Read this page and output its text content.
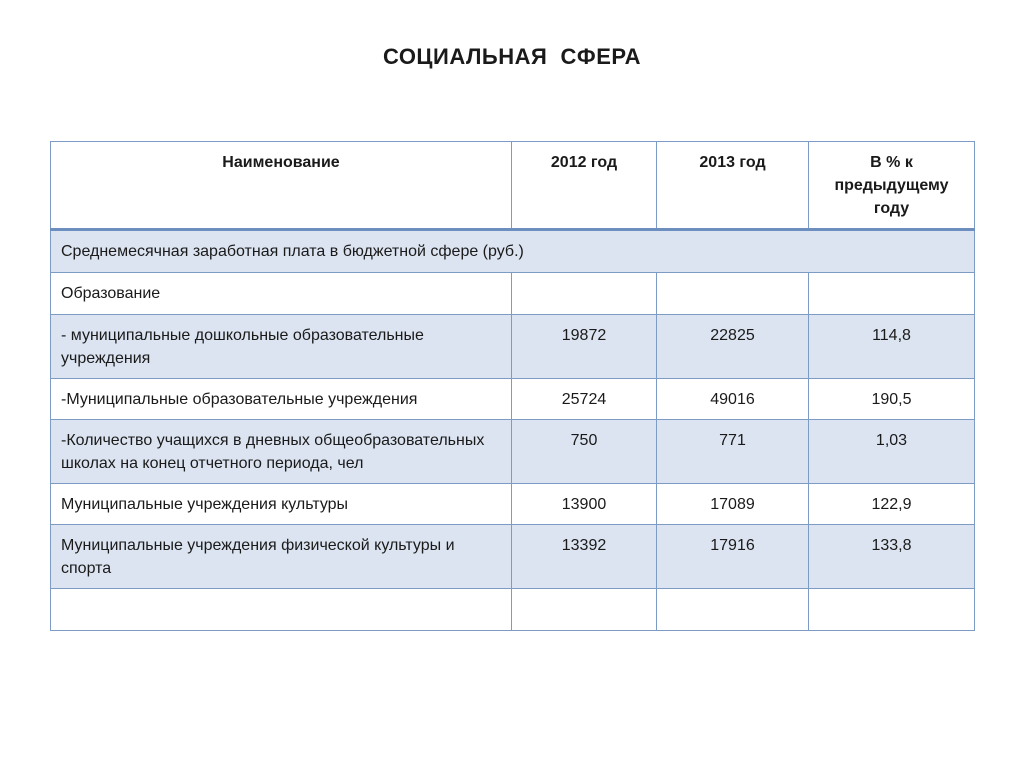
СОЦИАЛЬНАЯ  СФЕРА
Наименование	2012 год	2013 год	В % к предыдущему году
Среднемесячная заработная плата в бюджетной сфере (руб.)			
Образование			
- муниципальные дошкольные образовательные учреждения	19872	22825	114,8
-Муниципальные образовательные учреждения	25724	49016	190,5
-Количество учащихся в дневных общеобразовательных школах на конец отчетного периода, чел	750	771	1,03
Муниципальные учреждения культуры	13900	17089	122,9
Муниципальные учреждения физической культуры и спорта	13392	17916	133,8
